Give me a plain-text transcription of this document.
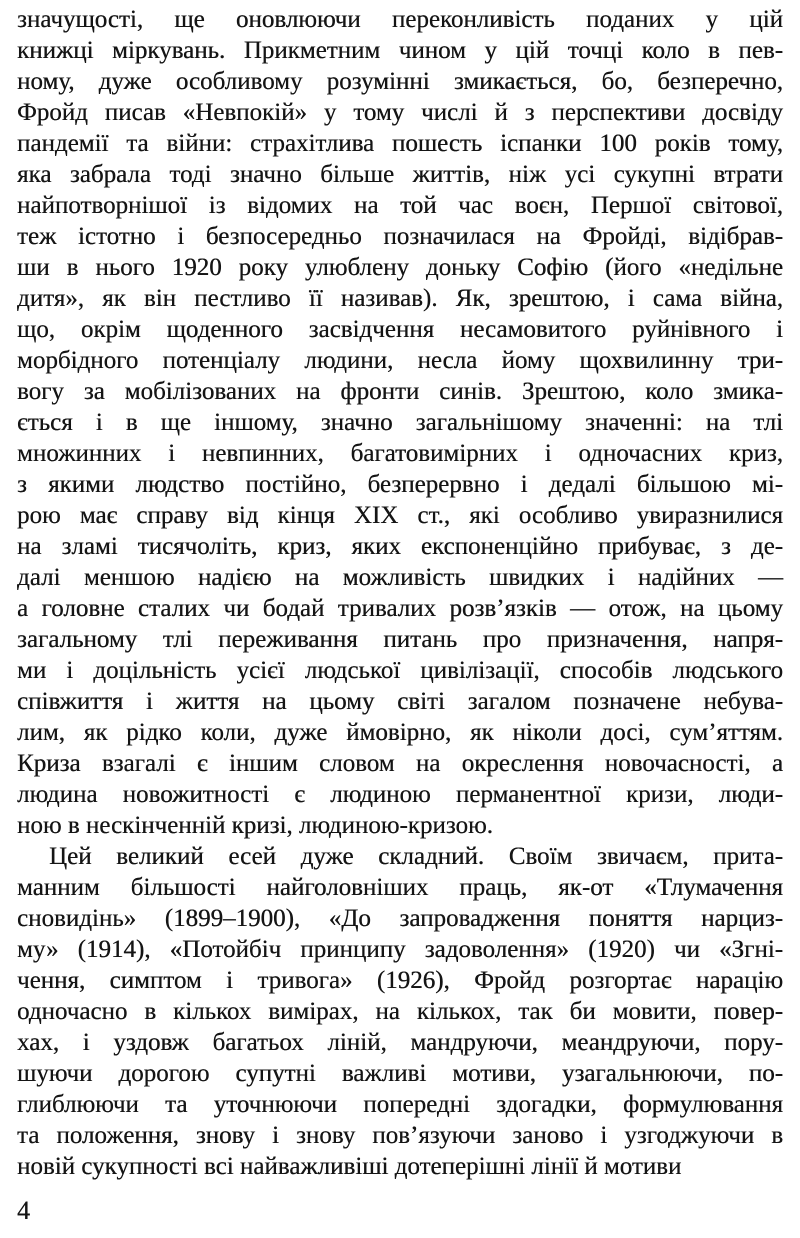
значущості, ще оновлюючи переконливість поданих у цій
книжці міркувань. Прикметним чином у цій точці коло в пев-
ному, дуже особливому розумінні змикається, бо, безперечно,
Фройд писав «Невпокій» у тому числі й з перспективи досвіду
пандемії та війни: страхітлива пошесть іспанки 100 років тому,
яка забрала тоді значно більше життів, ніж усі сукупні втрати
найпотворнішої із відомих на той час воєн, Першої світової,
теж істотно і безпосередньо позначилася на Фройді, відібрав-
ши в нього 1920 року улюблену доньку Софію (його «недільне
дитя», як він пестливо її називав). Як, зрештою, і сама війна,
що, окрім щоденного засвідчення несамовитого руйнівного і
морбідного потенціалу людини, несла йому щохвилинну три-
вогу за мобілізованих на фронти синів. Зрештою, коло змика-
ється і в ще іншому, значно загальнішому значенні: на тлі
множинних і невпинних, багатовимірних і одночасних криз,
з якими людство постійно, безперервно і дедалі більшою мі-
рою має справу від кінця XIX ст., які особливо увиразнилися
на зламі тисячоліть, криз, яких експоненційно прибуває, з де-
далі меншою надією на можливість швидких і надійних —
а головне сталих чи бодай тривалих розв’язків — отож, на цьому
загальному тлі переживання питань про призначення, напря-
ми і доцільність усієї людської цивілізації, способів людського
співжиття і життя на цьому світі загалом позначене небува-
лим, як рідко коли, дуже ймовірно, як ніколи досі, сум’яттям.
Криза взагалі є іншим словом на окреслення новочасності, а
людина новожитності є людиною перманентної кризи, люди-
ною в нескінченній кризі, людиною-кризою.
Цей великий есей дуже складний. Своїм звичаєм, прита-
манним більшості найголовніших праць, як-от «Тлумачення
сновидінь» (1899–1900), «До запровадження поняття нарциз-
му» (1914), «Потойбіч принципу задоволення» (1920) чи «Згні-
чення, симптом і тривога» (1926), Фройд розгортає нарацію
одночасно в кількох вимірах, на кількох, так би мовити, повер-
хах, і уздовж багатьох ліній, мандруючи, меандруючи, пору-
шуючи дорогою супутні важливі мотиви, узагальнюючи, по-
глиблюючи та уточнюючи попередні здогадки, формулювання
та положення, знову і знову пов’язуючи заново і узгоджуючи в
новій сукупності всі найважливіші дотеперішні лінії й мотиви
4
